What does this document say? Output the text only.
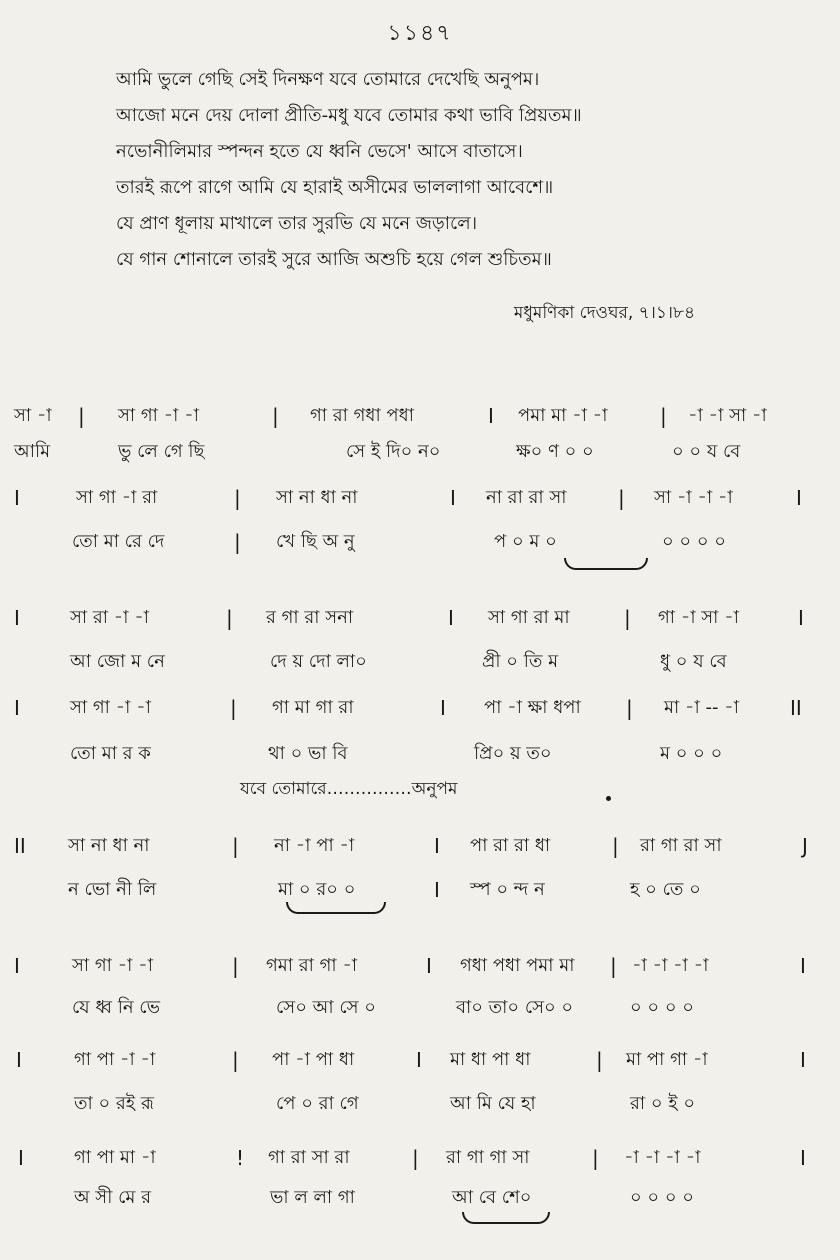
১১৪৭
আমি ভুলে গেছি সেই দিনক্ষণ যবে তোমারে দেখেছি অনুপম।
আজো মনে দেয় দোলা প্রীতি-মধু যবে তোমার কথা ভাবি প্রিয়তম॥
নভোনীলিমার স্পন্দন হতে যে ধ্বনি ভেসে' আসে বাতাসে।
তারই রূপে রাগে আমি যে হারাই অসীমের ভাললাগা আবেশে॥
যে প্রাণ ধূলায় মাখালে তার সুরভি যে মনে জড়ালে।
যে গান শোনালে তারই সুরে আজি অশুচি হয়ে গেল শুচিতম॥
মধুমণিকা দেওঘর, ৭।১।৮৪
সা -া | সা গা -া -া	| গা রা গধা পধা	I পমা মা -া -া	| -া -া সা -া
আমি	ভু লে গে ছি	সে ই দি০ ন০	ক্ষ০ ণ ০ ০	০ ০ য বে
I	সা গা -া রা	| সা না ধা না	I না রা রা সা	| সা -া -া -া	I
তো মা রে দে	| খে ছি অ নু	প ০ ম ০	০ ০ ০ ০
I	সা রা -া -া	| র গা রা সনা	I সা গা রা মা	| গা -া সা -া	I
আ জো ম নে	দে য় দো লা০	প্রী ০ তি ম	ধু ০ য বে
I	সা গা -া -া	| গা মা গা রা	I পা -া ক্ষা ধপা | মা -া -- -া	II
তো মা র ক	থা ০ ভা বি	প্রি০ য় ত০	ম ০ ০ ০
যবে তোমারে……………অনুপম
II সা না ধা না	| না -া পা -া	I পা রা রা ধা	| রা গা রা সা	J
ন ভো নী লি	মা ০ র০ ০	I স্প ০ ন্দ ন	হ ০ তে ০
I	সা গা -া -া	| গমা রা গা -া	I গধা পধা পমা মা | -া -া -া -া	I
যে ধ্ব নি ভে	সে০ আ সে ০	বা০ তা০ সে০ ০	০ ০ ০ ০
I	গা পা -া -া	| পা -া পা ধা	I মা ধা পা ধা	| মা পা গা -া	I
তা ০ রই রূ	পে ০ রা গে	আ মি যে হা	রা ০ ই ০
I	গা পা মা -া	! গা রা সা রা	| রা গা গা সা	| -া -া -া -া	I
অ সী মে র	ভা ল লা গা	আ বে শে০	০ ০ ০ ০
